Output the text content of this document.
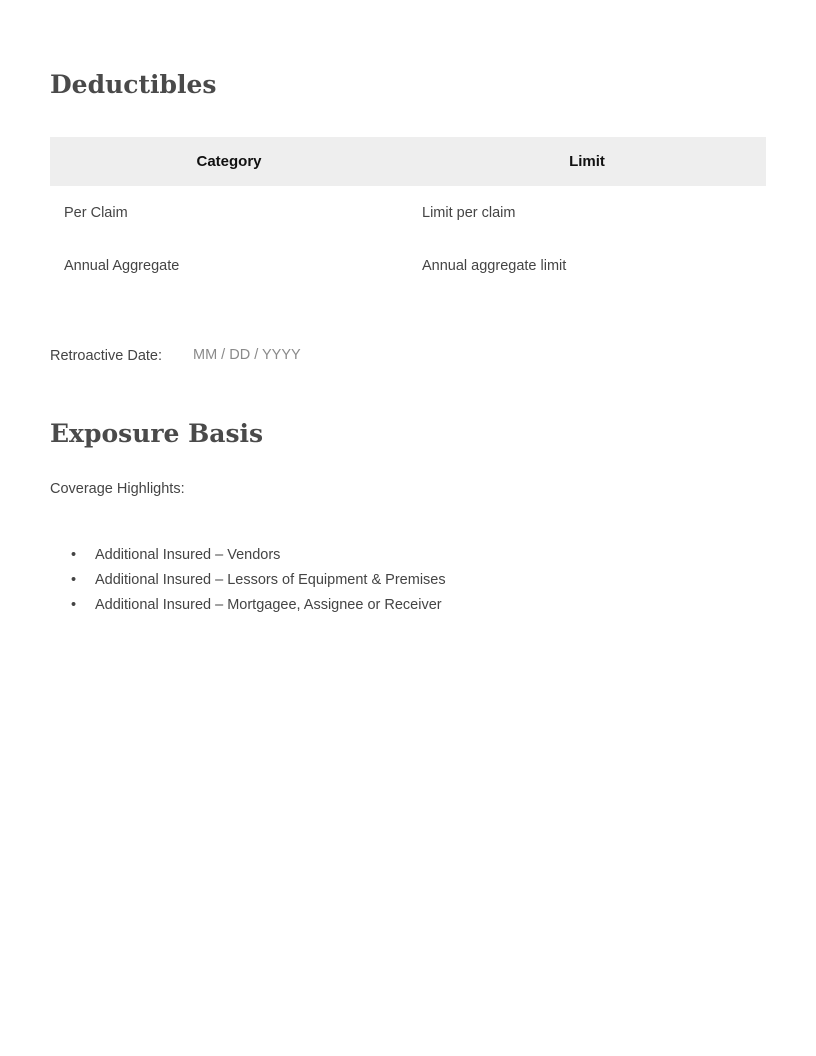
Deductibles
Category	Limit
Per Claim	Limit per claim
Annual Aggregate	Annual aggregate limit
Retroactive Date:
MM / DD / YYYY
Exposure Basis
Coverage Highlights:
• Additional Insured – Vendors
• Additional Insured – Lessors of Equipment & Premises
• Additional Insured – Mortgagee, Assignee or Receiver
